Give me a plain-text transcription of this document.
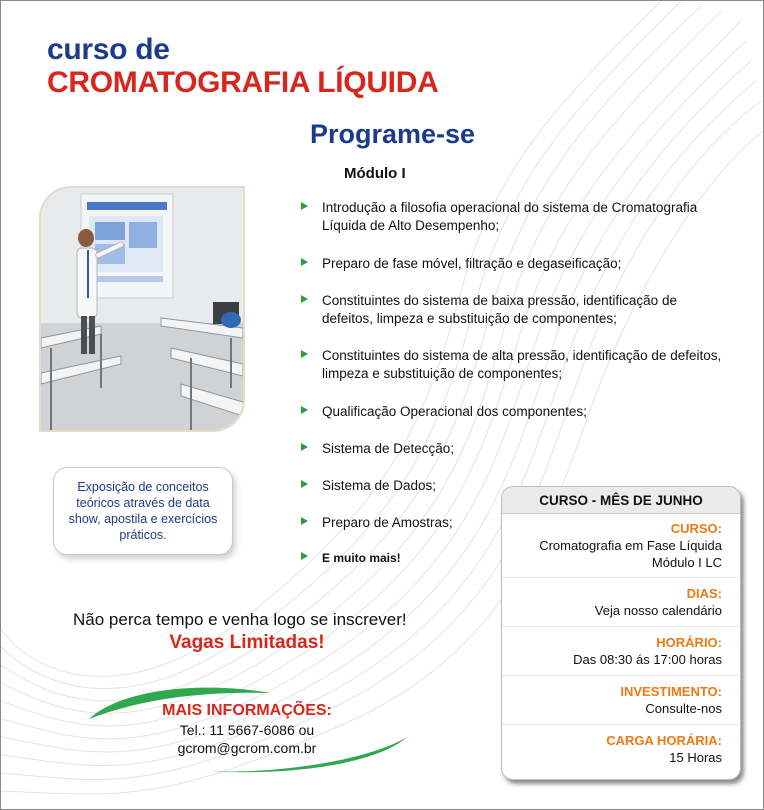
curso de
CROMATOGRAFIA LÍQUIDA
Programe-se
Módulo I
Exposição de conceitos teóricos através de data show, apostila e exercícios práticos.
Introdução a filosofia operacional do sistema de Cromatografia Líquida de Alto Desempenho;
Preparo de fase móvel, filtração e degaseificação;
Constituintes do sistema de baixa pressão, identificação de defeitos, limpeza e substituição de componentes;
Constituintes do sistema de alta pressão, identificação de defeitos, limpeza e substituição de componentes;
Qualificação Operacional dos componentes;
Sistema de Detecção;
Sistema de Dados;
Preparo de Amostras;
E muito mais!
Não perca tempo e venha logo se inscrever!
Vagas Limitadas!
MAIS INFORMAÇÕES:
Tel.: 11 5667-6086 ou
gcrom@gcrom.com.br
CURSO - MÊS DE JUNHO
CURSO:
Cromatografia em Fase Líquida
Módulo I LC
DIAS:
Veja nosso calendário
HORÁRIO:
Das 08:30 ás 17:00 horas
INVESTIMENTO:
Consulte-nos
CARGA HORÁRIA:
15 Horas
